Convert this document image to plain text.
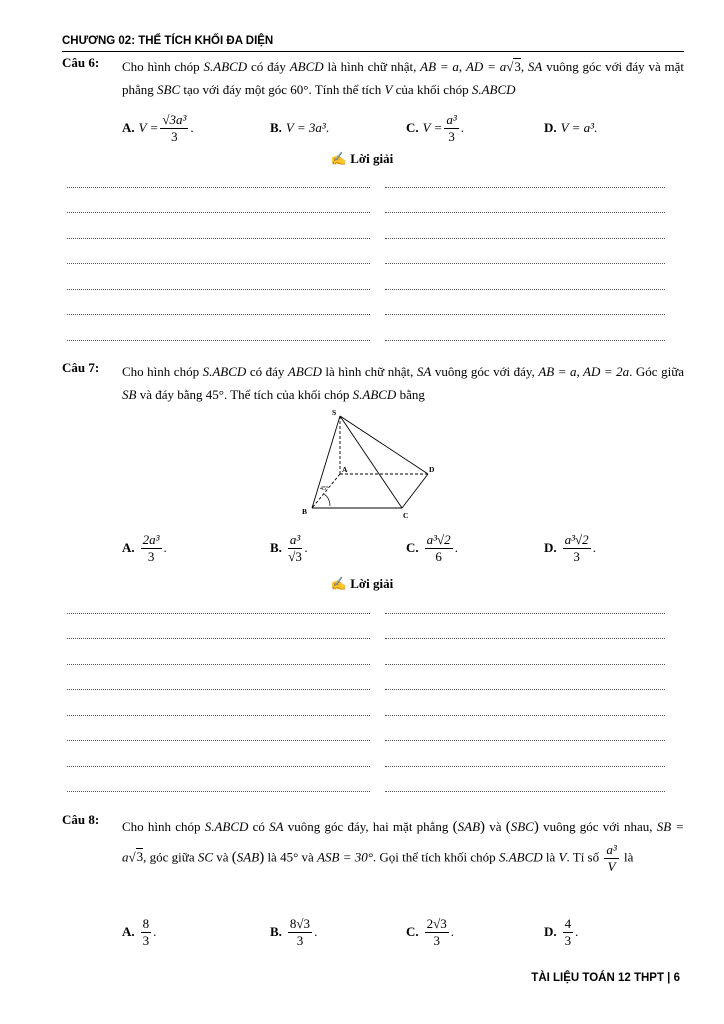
CHƯƠNG 02: THỂ TÍCH KHỐI ĐA DIỆN
Câu 6: Cho hình chóp S.ABCD có đáy ABCD là hình chữ nhật, AB = a, AD = a√3, SA vuông góc với đáy và mặt phẳng SBC tạo với đáy một góc 60°. Tính thể tích V của khối chóp S.ABCD
A. $V = \frac{\text{√3a³}}{3}$ .	B. V = 3a³ .	C. $V = \frac{\text{a³}}{3}$ .	D. V = a³ .
✍ Lời giải
Câu 7: Cho hình chóp S.ABCD có đáy ABCD là hình chữ nhật, SA vuông góc với đáy, AB = a, AD = 2a. Góc giữa SB và đáy bằng 45°. Thể tích của khối chóp S.ABCD bằng
S
A
B	C
D
45°
A. $\frac{\text{2a³}}{3}$ .	B. $\frac{\text{a³}}{√3}$ .	C. $\frac{\text{a³√2}}{6}$ .	D. $\frac{\text{a³√2}}{3}$ .
✍ Lời giải
Câu 8: Cho hình chóp S.ABCD có SA vuông góc đáy, hai mặt phẳng (SAB) và (SBC) vuông góc với nhau, SB = a√3, góc giữa SC và (SAB) là 45° và ASB = 30°. Gọi thể tích khối chóp S.ABCD là V. Tỉ số $\frac{\text{a³}}{V}$ là
A. $\frac{8}{3}$ .	B. $\frac{8√3}{3}$ .	C. $\frac{2√3}{3}$ .	D. $\frac{4}{3}$ .
TÀI LIỆU TOÁN 12 THPT | 6
